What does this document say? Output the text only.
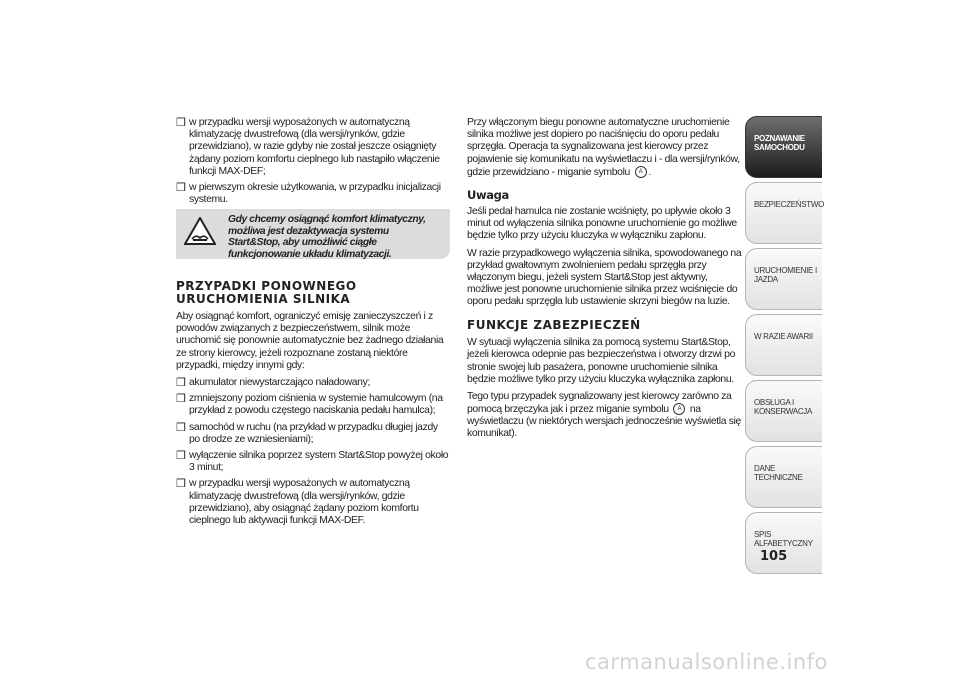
❒ w przypadku wersji wyposażonych w automatyczną klimatyzację dwustrefową (dla wersji/rynków, gdzie przewidziano), w razie gdyby nie został jeszcze osiągnięty żądany poziom komfortu cieplnego lub nastąpiło włączenie funkcji MAX-DEF;
❒ w pierwszym okresie użytkowania, w przypadku inicjalizacji systemu.
Gdy chcemy osiągnąć komfort klimatyczny, możliwa jest dezaktywacja systemu Start&Stop, aby umożliwić ciągłe funkcjonowanie układu klimatyzacji.
PRZYPADKI PONOWNEGO URUCHOMIENIA SILNIKA

Aby osiągnąć komfort, ograniczyć emisję zanieczyszczeń i z powodów związanych z bezpieczeństwem, silnik może uruchomić się ponownie automatycznie bez żadnego działania ze strony kierowcy, jeżeli rozpoznane zostaną niektóre przypadki, między innymi gdy:

❒ akumulator niewystarczająco naładowany;
❒ zmniejszony poziom ciśnienia w systemie hamulcowym (na przykład z powodu częstego naciskania pedału hamulca);
❒ samochód w ruchu (na przykład w przypadku długiej jazdy po drodze ze wzniesieniami);
❒ wyłączenie silnika poprzez system Start&Stop powyżej około 3 minut;
❒ w przypadku wersji wyposażonych w automatyczną klimatyzację dwustrefową (dla wersji/rynków, gdzie przewidziano), aby osiągnąć żądany poziom komfortu cieplnego lub aktywacji funkcji MAX-DEF.

Przy włączonym biegu ponowne automatyczne uruchomienie silnika możliwe jest dopiero po naciśnięciu do oporu pedału sprzęgła. Operacja ta sygnalizowana jest kierowcy przez pojawienie się komunikatu na wyświetlaczu i - dla wersji/rynków, gdzie przewidziano - miganie symbolu A .

Uwaga

Jeśli pedał hamulca nie zostanie wciśnięty, po upływie około 3 minut od wyłączenia silnika ponowne uruchomienie go możliwe będzie tylko przy użyciu kluczyka w wyłączniku zapłonu.

W razie przypadkowego wyłączenia silnika, spowodowanego na przykład gwałtownym zwolnieniem pedału sprzęgła przy włączonym biegu, jeżeli system Start&Stop jest aktywny, możliwe jest ponowne uruchomienie silnika przez wciśnięcie do oporu pedału sprzęgła lub ustawienie skrzyni biegów na luzie.

FUNKCJE ZABEZPIECZEŃ

W sytuacji wyłączenia silnika za pomocą systemu Start&Stop, jeżeli kierowca odepnie pas bezpieczeństwa i otworzy drzwi po stronie swojej lub pasażera, ponowne uruchomienie silnika będzie możliwe tylko przy użyciu kluczyka wyłącznika zapłonu.

Tego typu przypadek sygnalizowany jest kierowcy zarówno za pomocą brzęczyka jak i przez miganie symbolu A na wyświetlaczu (w niektórych wersjach jednocześnie wyświetla się komunikat).

POZNAWANIE SAMOCHODU
BEZPIECZEŃSTWO
URUCHOMIENIE I JAZDA
W RAZIE AWARII
OBSŁUGA I KONSERWACJA
DANE TECHNICZNE
SPIS ALFABETYCZNY
105
carmanualsonline.info
